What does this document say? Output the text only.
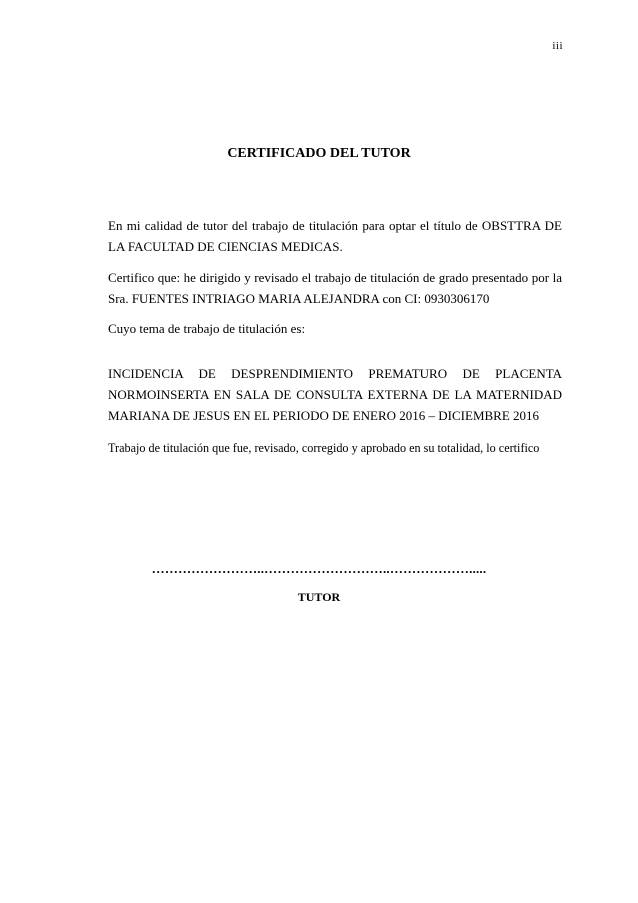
iii
CERTIFICADO DEL TUTOR
En mi calidad de tutor del trabajo de titulación para optar el título de OBSTTRA DE LA FACULTAD DE CIENCIAS MEDICAS.
Certifico que: he dirigido y revisado el trabajo de titulación de grado presentado por la Sra. FUENTES INTRIAGO MARIA ALEJANDRA con CI: 0930306170
Cuyo tema de trabajo de titulación es:
INCIDENCIA DE DESPRENDIMIENTO PREMATURO DE PLACENTA
NORMOINSERTA EN SALA DE CONSULTA EXTERNA DE LA MATERNIDAD
MARIANA DE JESUS EN EL PERIODO DE ENERO 2016 – DICIEMBRE 2016
Trabajo de titulación que fue, revisado, corregido y aprobado en su totalidad, lo certifico
……………………..………………………..……………….....
TUTOR
